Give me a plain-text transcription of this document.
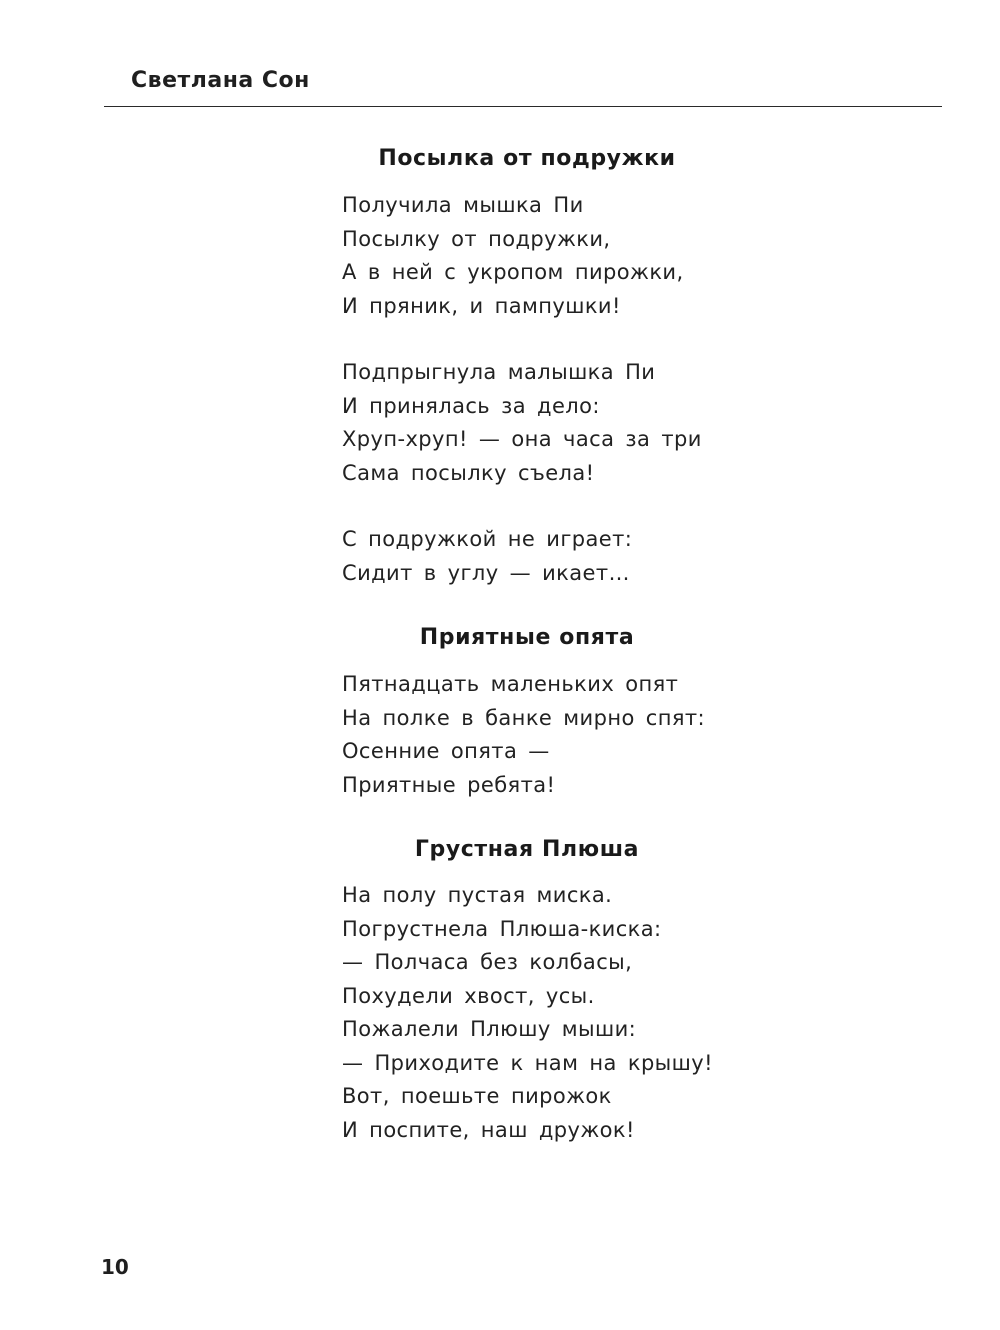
Светлана Сон
Посылка от подружки
Получила мышка Пи
Посылку от подружки,
А в ней с укропом пирожки,
И пряник, и пампушки!
Подпрыгнула малышка Пи
И принялась за дело:
Хруп-хруп! — она часа за три
Сама посылку съела!
С подружкой не играет:
Сидит в углу — икает…
Приятные опята
Пятнадцать маленьких опят
На полке в банке мирно спят:
Осенние опята —
Приятные ребята!
Грустная Плюша
На полу пустая миска.
Погрустнела Плюша-киска:
— Полчаса без колбасы,
Похудели хвост, усы.
Пожалели Плюшу мыши:
— Приходите к нам на крышу!
Вот, поешьте пирожок
И поспите, наш дружок!
10
